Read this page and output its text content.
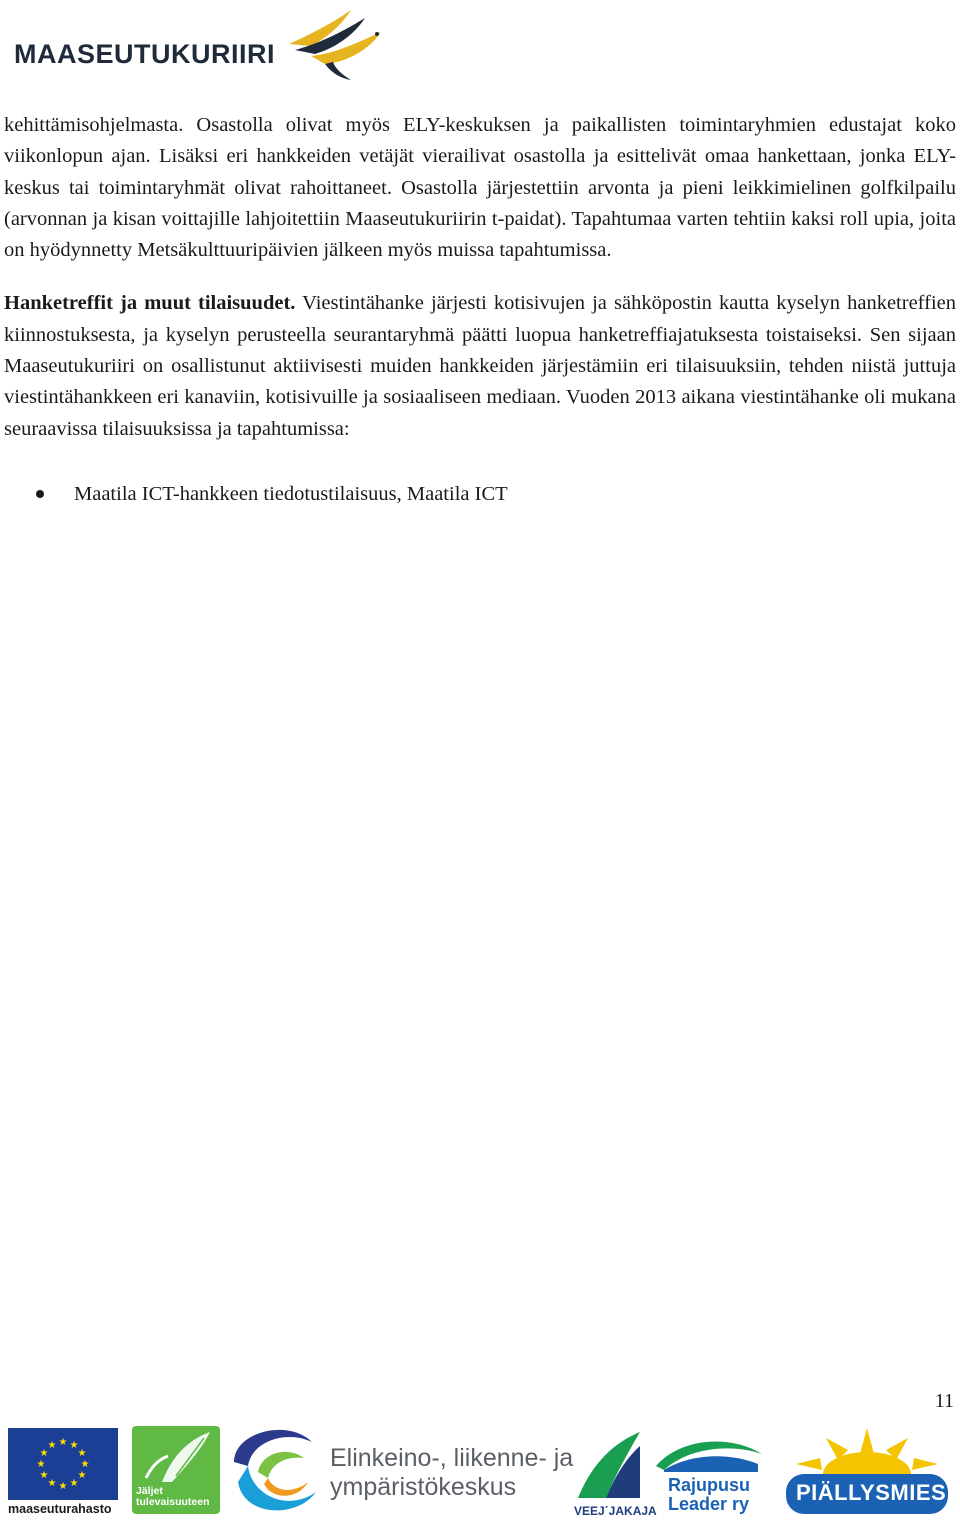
MAASEUTUKURIIRI

kehittämisohjelmasta. Osastolla olivat myös ELY-keskuksen ja paikallisten toimintaryhmien edustajat koko viikonlopun ajan. Lisäksi eri hankkeiden vetäjät vierailivat osastolla ja esittelivät omaa hankettaan, jonka ELY-keskus tai toimintaryhmät olivat rahoittaneet. Osastolla järjestettiin arvonta ja pieni leikkimielinen golfkilpailu (arvonnan ja kisan voittajille lahjoitettiin Maaseutukuriirin t-paidat). Tapahtumaa varten tehtiin kaksi roll upia, joita on hyödynnetty Metsäkulttuuripäivien jälkeen myös muissa tapahtumissa.

Hanketreffit ja muut tilaisuudet. Viestintähanke järjesti kotisivujen ja sähköpostin kautta kyselyn hanketreffien kiinnostuksesta, ja kyselyn perusteella seurantaryhmä päätti luopua hanketreffiajatuksesta toistaiseksi. Sen sijaan Maaseutukuriiri on osallistunut aktiivisesti muiden hankkeiden järjestämiin eri tilaisuuksiin, tehden niistä juttuja viestintähankkeen eri kanaviin, kotisivuille ja sosiaaliseen mediaan. Vuoden 2013 aikana viestintähanke oli mukana seuraavissa tilaisuuksissa ja tapahtumissa:

Maatila ICT-hankkeen tiedotustilaisuus, Maatila ICT
11
★ ★
★
★
★
★
★
★
★
★
★
★
maaseuturahasto
Jäljet
tulevaisuuteen
Elinkeino-, liikenne- ja
ympäristökeskus
VEEJ´JAKAJA
Rajupusu
Leader ry PIÄLLYSMIES
